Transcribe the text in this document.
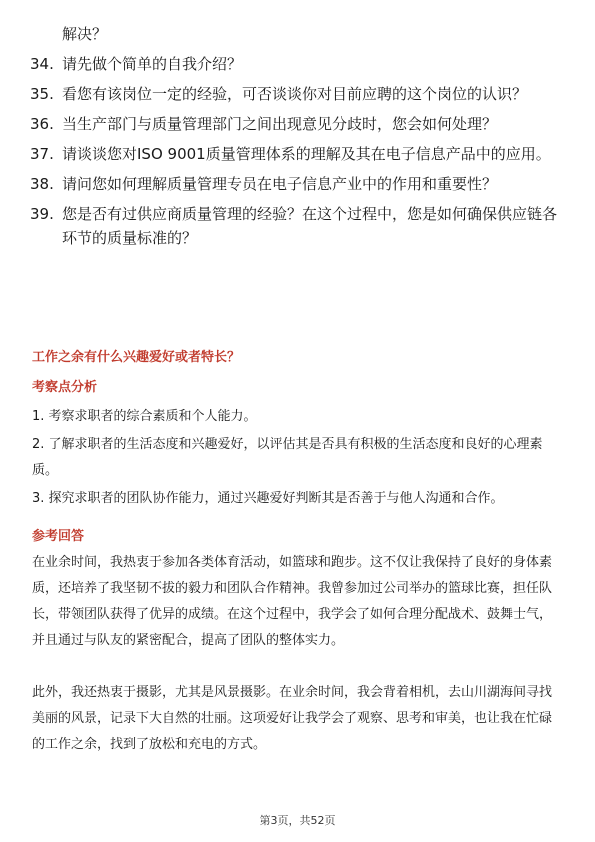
解决？
34. 请先做个简单的自我介绍？
35. 看您有该岗位一定的经验，可否谈谈你对目前应聘的这个岗位的认识？
36. 当生产部门与质量管理部门之间出现意见分歧时，您会如何处理？
37. 请谈谈您对ISO 9001质量管理体系的理解及其在电子信息产品中的应用。
38. 请问您如何理解质量管理专员在电子信息产业中的作用和重要性？
39. 您是否有过供应商质量管理的经验？在这个过程中，您是如何确保供应链各环节的质量标准的？
工作之余有什么兴趣爱好或者特长？
考察点分析
1. 考察求职者的综合素质和个人能力。
2. 了解求职者的生活态度和兴趣爱好，以评估其是否具有积极的生活态度和良好的心理素质。
3. 探究求职者的团队协作能力，通过兴趣爱好判断其是否善于与他人沟通和合作。
参考回答

在业余时间，我热衷于参加各类体育活动，如篮球和跑步。这不仅让我保持了良好的身体素质，还培养了我坚韧不拔的毅力和团队合作精神。我曾参加过公司举办的篮球比赛，担任队长，带领团队获得了优异的成绩。在这个过程中，我学会了如何合理分配战术、鼓舞士气，并且通过与队友的紧密配合，提高了团队的整体实力。

此外，我还热衷于摄影，尤其是风景摄影。在业余时间，我会背着相机，去山川湖海间寻找美丽的风景，记录下大自然的壮丽。这项爱好让我学会了观察、思考和审美，也让我在忙碌的工作之余，找到了放松和充电的方式。

第3页，共52页
